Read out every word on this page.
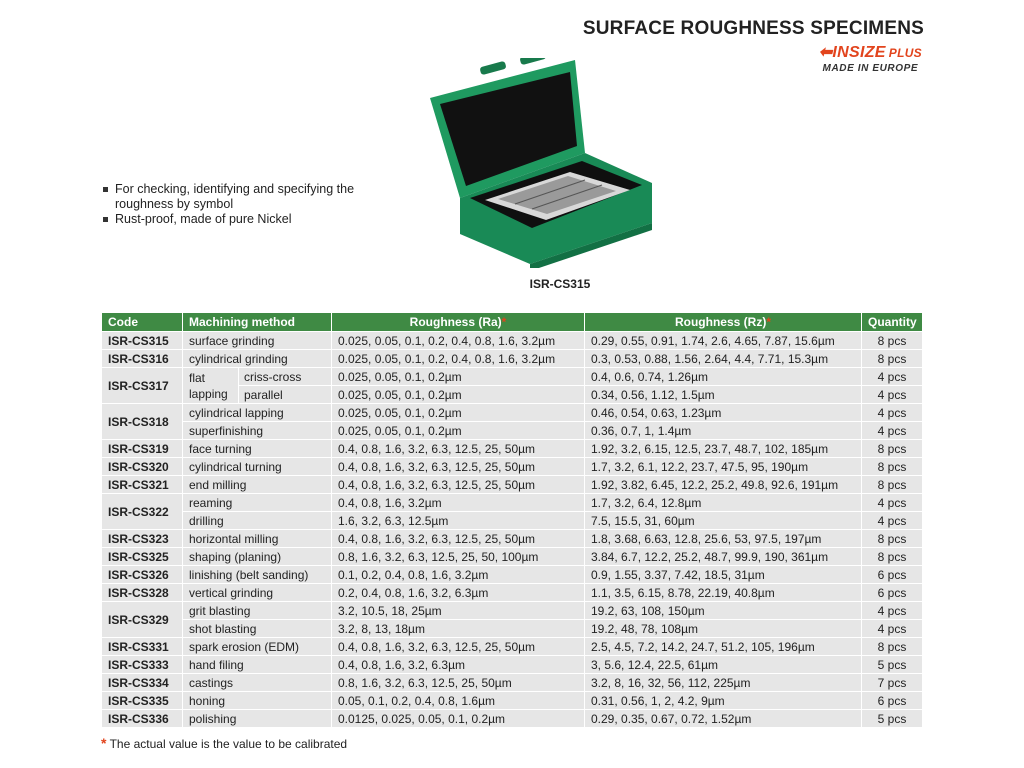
SURFACE ROUGHNESS SPECIMENS
⬅INSIZE PLUS
MADE IN EUROPE
For checking, identifying and specifying the roughness by symbol
Rust-proof, made of pure Nickel
ISR-CS315
Code	Machining method		Roughness (Ra)*	Roughness (Rz)*	Quantity
ISR-CS315	surface grinding		0.025, 0.05, 0.1, 0.2, 0.4, 0.8, 1.6, 3.2µm	0.29, 0.55, 0.91, 1.74, 2.6, 4.65, 7.87, 15.6µm	8 pcs
ISR-CS316	cylindrical grinding		0.025, 0.05, 0.1, 0.2, 0.4, 0.8, 1.6, 3.2µm	0.3, 0.53, 0.88, 1.56, 2.64, 4.4, 7.71, 15.3µm	8 pcs
ISR-CS317	flat lapping	criss-cross	0.025, 0.05, 0.1, 0.2µm	0.4, 0.6, 0.74, 1.26µm	4 pcs
		parallel	0.025, 0.05, 0.1, 0.2µm	0.34, 0.56, 1.12, 1.5µm	4 pcs
ISR-CS318	cylindrical lapping		0.025, 0.05, 0.1, 0.2µm	0.46, 0.54, 0.63, 1.23µm	4 pcs
	superfinishing		0.025, 0.05, 0.1, 0.2µm	0.36, 0.7, 1, 1.4µm	4 pcs
ISR-CS319	face turning		0.4, 0.8, 1.6, 3.2, 6.3, 12.5, 25, 50µm	1.92, 3.2, 6.15, 12.5, 23.7, 48.7, 102, 185µm	8 pcs
ISR-CS320	cylindrical turning		0.4, 0.8, 1.6, 3.2, 6.3, 12.5, 25, 50µm	1.7, 3.2, 6.1, 12.2, 23.7, 47.5, 95, 190µm	8 pcs
ISR-CS321	end milling		0.4, 0.8, 1.6, 3.2, 6.3, 12.5, 25, 50µm	1.92, 3.82, 6.45, 12.2, 25.2, 49.8, 92.6, 191µm	8 pcs
ISR-CS322	reaming		0.4, 0.8, 1.6, 3.2µm	1.7, 3.2, 6.4, 12.8µm	4 pcs
	drilling		1.6, 3.2, 6.3, 12.5µm	7.5, 15.5, 31, 60µm	4 pcs
ISR-CS323	horizontal milling		0.4, 0.8, 1.6, 3.2, 6.3, 12.5, 25, 50µm	1.8, 3.68, 6.63, 12.8, 25.6, 53, 97.5, 197µm	8 pcs
ISR-CS325	shaping (planing)		0.8, 1.6, 3.2, 6.3, 12.5, 25, 50, 100µm	3.84, 6.7, 12.2, 25.2, 48.7, 99.9, 190, 361µm	8 pcs
ISR-CS326	linishing (belt sanding)		0.1, 0.2, 0.4, 0.8, 1.6, 3.2µm	0.9, 1.55, 3.37, 7.42, 18.5, 31µm	6 pcs
ISR-CS328	vertical grinding		0.2, 0.4, 0.8, 1.6, 3.2, 6.3µm	1.1, 3.5, 6.15, 8.78, 22.19, 40.8µm	6 pcs
ISR-CS329	grit blasting		3.2, 10.5, 18, 25µm	19.2, 63, 108, 150µm	4 pcs
	shot blasting		3.2, 8, 13, 18µm	19.2, 48, 78, 108µm	4 pcs
ISR-CS331	spark erosion (EDM)		0.4, 0.8, 1.6, 3.2, 6.3, 12.5, 25, 50µm	2.5, 4.5, 7.2, 14.2, 24.7, 51.2, 105, 196µm	8 pcs
ISR-CS333	hand filing		0.4, 0.8, 1.6, 3.2, 6.3µm	3, 5.6, 12.4, 22.5, 61µm	5 pcs
ISR-CS334	castings		0.8, 1.6, 3.2, 6.3, 12.5, 25, 50µm	3.2, 8, 16, 32, 56, 112, 225µm	7 pcs
ISR-CS335	honing		0.05, 0.1, 0.2, 0.4, 0.8, 1.6µm	0.31, 0.56, 1, 2, 4.2, 9µm	6 pcs
ISR-CS336	polishing		0.0125, 0.025, 0.05, 0.1, 0.2µm	0.29, 0.35, 0.67, 0.72, 1.52µm	5 pcs
* The actual value is the value to be calibrated
